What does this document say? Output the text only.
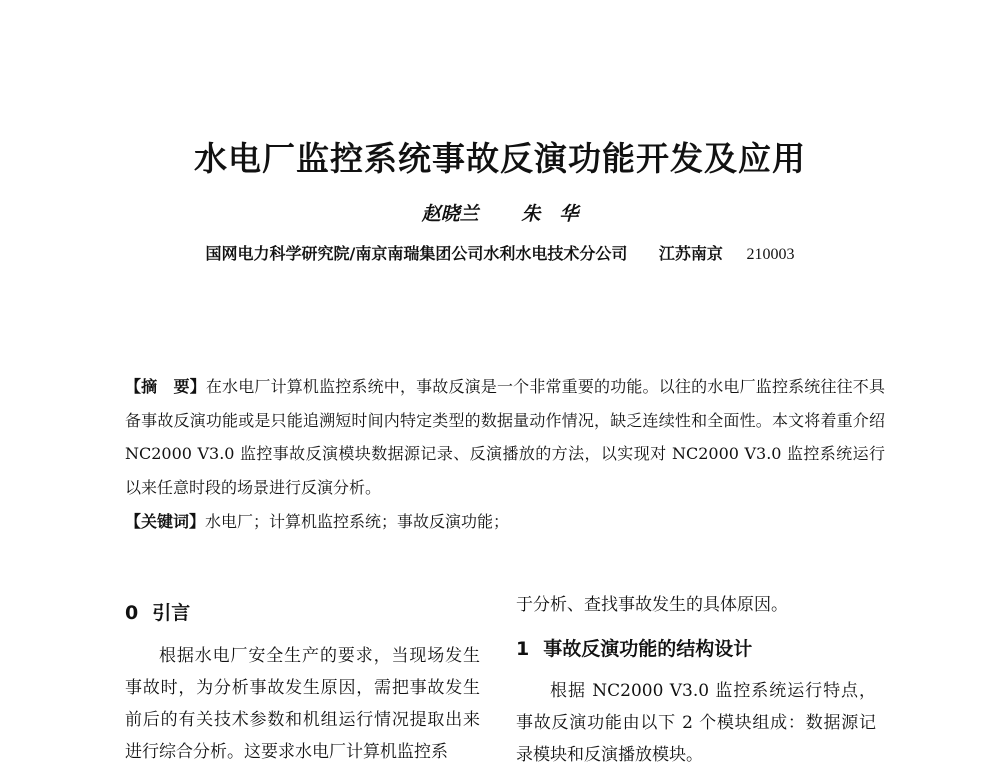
水电厂监控系统事故反演功能开发及应用
赵晓兰 朱　华
国网电力科学研究院/南京南瑞集团公司水利水电技术分公司 江苏南京 210003
【摘　要】在水电厂计算机监控系统中，事故反演是一个非常重要的功能。以往的水电厂监控系统往往不具备事故反演功能或是只能追溯短时间内特定类型的数据量动作情况，缺乏连续性和全面性。本文将着重介绍 NC2000 V3.0 监控事故反演模块数据源记录、反演播放的方法，以实现对 NC2000 V3.0 监控系统运行以来任意时段的场景进行反演分析。
【关键词】水电厂；计算机监控系统；事故反演功能；
0 引言
根据水电厂安全生产的要求，当现场发生事故时，为分析事故发生原因，需把事故发生前后的有关技术参数和机组运行情况提取出来进行综合分析。这要求水电厂计算机监控系
于分析、查找事故发生的具体原因。
1 事故反演功能的结构设计
根据 NC2000 V3.0 监控系统运行特点，事故反演功能由以下 2 个模块组成：数据源记录模块和反演播放模块。
